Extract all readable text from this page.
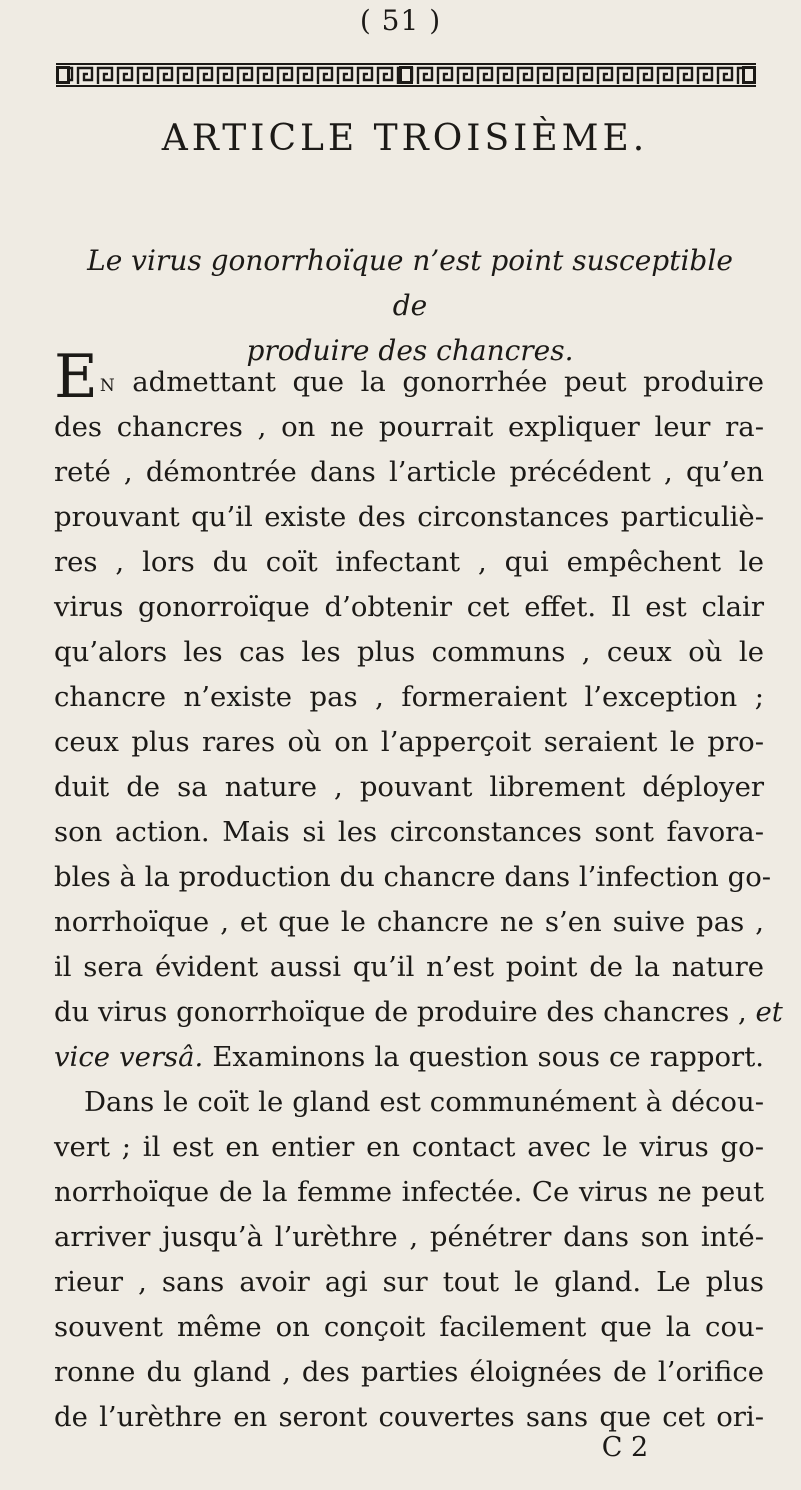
( 51 )
ARTICLE TROISIÈME.
Le virus gonorrhoïque n’est point susceptible de
produire des chancres.
E N admettant que la gonorrhée peut produire
des chancres , on ne pourrait expliquer leur ra-
reté , démontrée dans l’article précédent , qu’en
prouvant qu’il existe des circonstances particuliè-
res , lors du coït infectant , qui empêchent le
virus gonorroïque d’obtenir cet effet. Il est clair
qu’alors les cas les plus communs , ceux où le
chancre n’existe pas , formeraient l’exception ;
ceux plus rares où on l’apperçoit seraient le pro-
duit de sa nature , pouvant librement déployer
son action. Mais si les circonstances sont favora-
bles à la production du chancre dans l’infection go-
norrhoïque , et que le chancre ne s’en suive pas ,
il sera évident aussi qu’il n’est point de la nature
du virus gonorrhoïque de produire des chancres , et
vice versâ. Examinons la question sous ce rapport.
Dans le coït le gland est communément à décou-
vert ; il est en entier en contact avec le virus go-
norrhoïque de la femme infectée. Ce virus ne peut
arriver jusqu’à l’urèthre , pénétrer dans son inté-
rieur , sans avoir agi sur tout le gland. Le plus
souvent même on conçoit facilement que la cou-
ronne du gland , des parties éloignées de l’orifice
de l’urèthre en seront couvertes sans que cet ori-
C 2
